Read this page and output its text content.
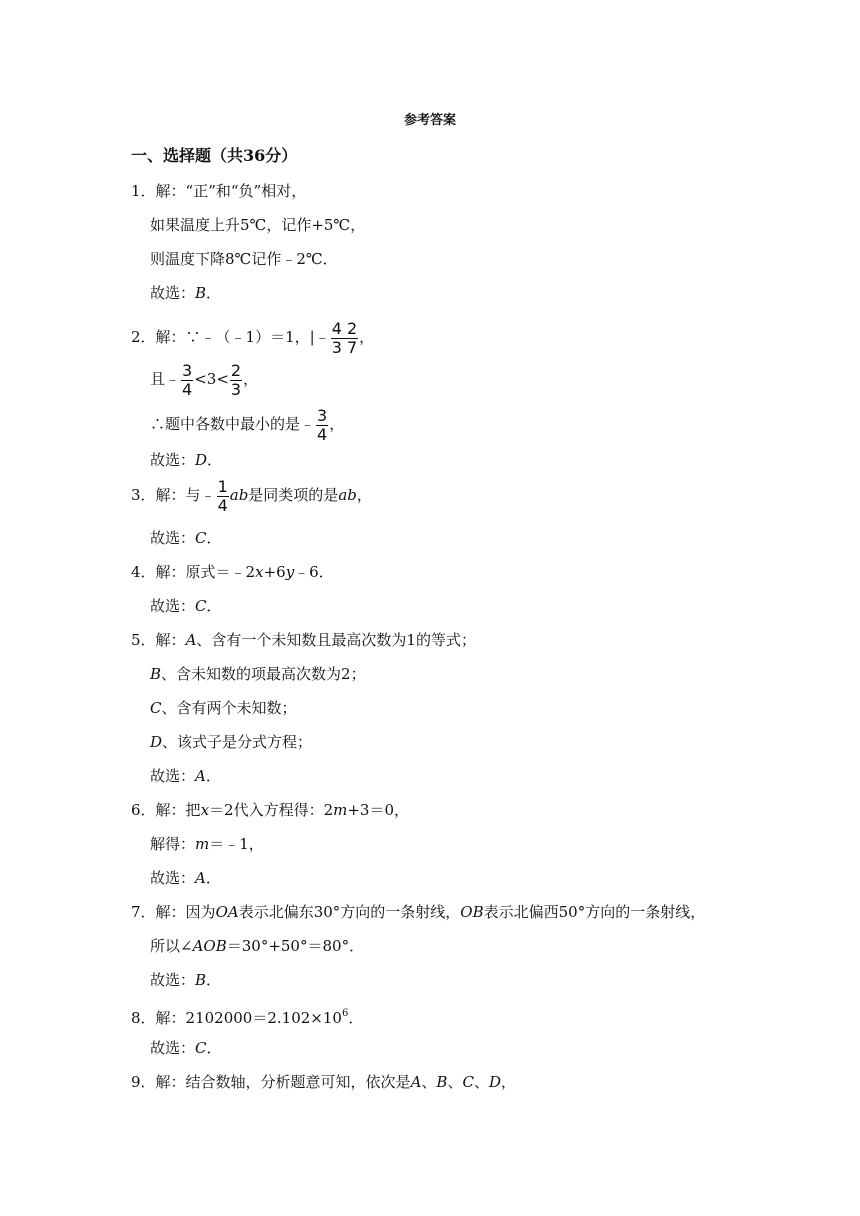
参考答案
一、选择题（共36分）
1．解：“正”和“负”相对，
如果温度上升5℃，记作+5℃，
则温度下降8℃记作﹣2℃．
故选：B．
2．解：∵﹣（﹣1）＝1，|﹣ $\frac{4 2}{3 7}$ ，
且﹣ $\frac{3}{4} <3< \frac{2}{3}$ ，
∴题中各数中最小的是﹣ $\frac{3}{4}$ ，
故选：D．
3．解：与﹣ $\frac{1}{4}$ ab是同类项的是ab，
故选：C．
4．解：原式＝﹣2x+6y﹣6．
故选：C．
5．解：A、含有一个未知数且最高次数为1的等式；
B、含未知数的项最高次数为2；
C、含有两个未知数；
D、该式子是分式方程；
故选：A．
6．解：把x＝2代入方程得：2m+3＝0，
解得：m＝﹣1，
故选：A．
7．解：因为OA表示北偏东30°方向的一条射线，OB表示北偏西50°方向的一条射线，
所以∠AOB＝30°+50°＝80°．
故选：B．
8．解：$2102000=2.102\times 10^6$．
故选：C．
9．解：结合数轴，分析题意可知，依次是A、B、C、D，
